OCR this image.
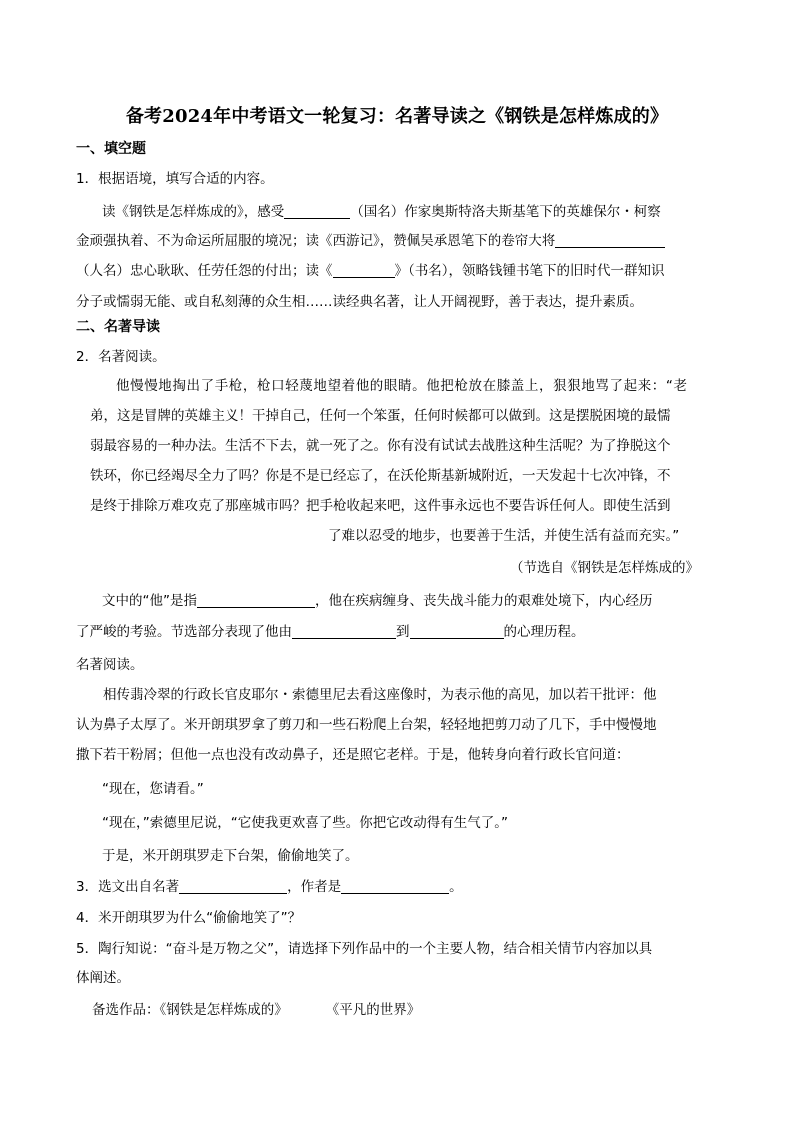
备考2024年中考语文一轮复习：名著导读之《钢铁是怎样炼成的》
一、填空题
1．根据语境，填写合适的内容。
读《钢铁是怎样炼成的》，感受	（国名）作家奥斯特洛夫斯基笔下的英雄保尔・柯察
金顽强执着、不为命运所屈服的境况；读《西游记》，赞佩吴承恩笔下的卷帘大将
（人名）忠心耿耿、任劳任怨的付出；读《	》（书名），领略钱锺书笔下的旧时代一群知识
分子或懦弱无能、或自私刻薄的众生相……读经典名著，让人开阔视野，善于表达，提升素质。
二、名著导读
2．名著阅读。
他慢慢地掏出了手枪，枪口轻蔑地望着他的眼睛。他把枪放在膝盖上，狠狠地骂了起来：“老
弟，这是冒牌的英雄主义！干掉自己，任何一个笨蛋，任何时候都可以做到。这是摆脱困境的最懦
弱最容易的一种办法。生活不下去，就一死了之。你有没有试试去战胜这种生活呢？为了挣脱这个
铁环，你已经竭尽全力了吗？你是不是已经忘了，在沃伦斯基新城附近，一天发起十七次冲锋，不
是终于排除万难攻克了那座城市吗？把手枪收起来吧，这件事永远也不要告诉任何人。即使生活到
了难以忍受的地步，也要善于生活，并使生活有益而充实。”
（节选自《钢铁是怎样炼成的》
文中的“他”是指	，他在疾病缠身、丧失战斗能力的艰难处境下，内心经历
了严峻的考验。节选部分表现了他由	到	的心理历程。
名著阅读。
相传翡冷翠的行政长官皮耶尔・索德里尼去看这座像时，为表示他的高见，加以若干批评：他
认为鼻子太厚了。米开朗琪罗拿了剪刀和一些石粉爬上台架，轻轻地把剪刀动了几下，手中慢慢地
撒下若干粉屑；但他一点也没有改动鼻子，还是照它老样。于是，他转身向着行政长官问道：
“现在，您请看。”
“现在，”索德里尼说，“它使我更欢喜了些。你把它改动得有生气了。”
于是，米开朗琪罗走下台架，偷偷地笑了。
3．选文出自名著	，作者是	。
4．米开朗琪罗为什么“偷偷地笑了”？
5．陶行知说：“奋斗是万物之父”，请选择下列作品中的一个主要人物，结合相关情节内容加以具
体阐述。
备选作品：《钢铁是怎样炼成的》	《平凡的世界》
